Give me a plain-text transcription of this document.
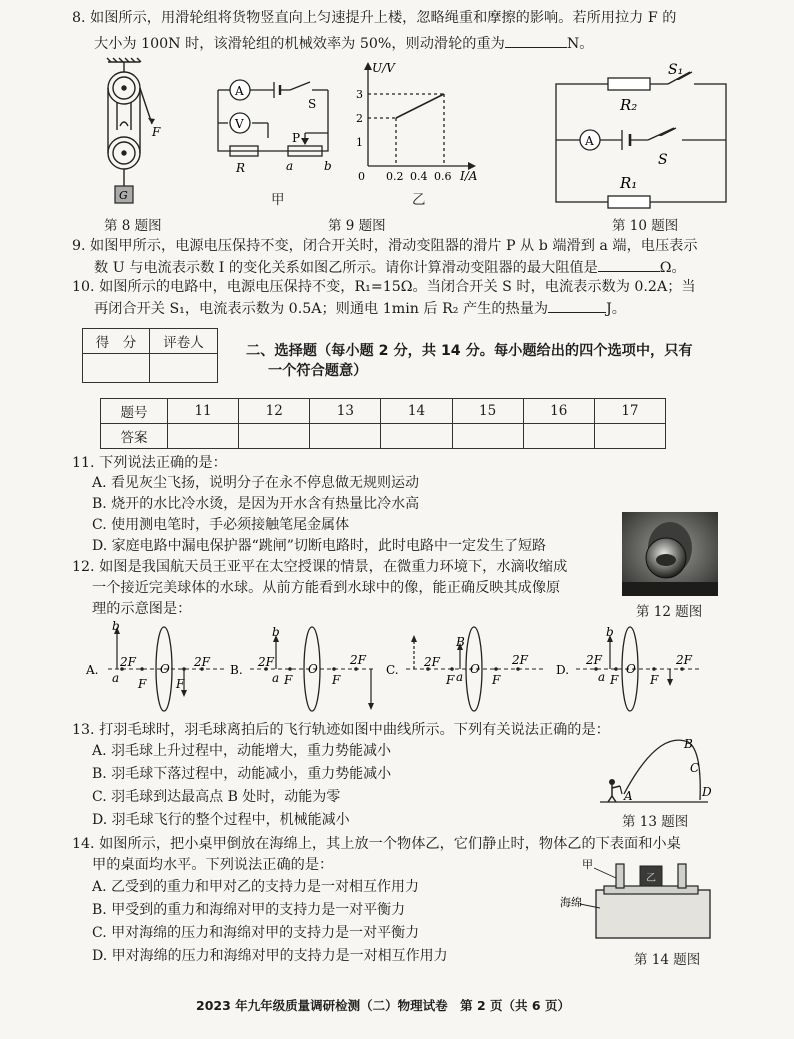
8. 如图所示，用滑轮组将货物竖直向上匀速提升上楼，忽略绳重和摩擦的影响。若所用拉力 F 的
大小为 100N 时，该滑轮组的机械效率为 50%，则动滑轮的重为	N。
F
G
第 8 题图
A
V
S
P
R	a	b
甲
U/V
I/A
0
3
2
1
0.2 0.4 0.6
乙
第 9 题图
A
S₁
R₂
S
R₁
第 10 题图
9. 如图甲所示，电源电压保持不变，闭合开关时，滑动变阻器的滑片 P 从 b 端滑到 a 端，电压表示
数 U 与电流表示数 I 的变化关系如图乙所示。请你计算滑动变阻器的最大阻值是	Ω。
10. 如图所示的电路中，电源电压保持不变，R₁=15Ω。当闭合开关 S 时，电流表示数为 0.2A；当
再闭合开关 S₁，电流表示数为 0.5A；则通电 1min 后 R₂ 产生的热量为	J。
得　分	评卷人
		二、选择题（每小题 2 分，共 14 分。每小题给出的四个选项中，只有
一个符合题意）
题号	11	12	13	14	15	16	17
答案							
11. 下列说法正确的是：
A. 看见灰尘飞扬，说明分子在永不停息做无规则运动
B. 烧开的水比冷水烫，是因为开水含有热量比冷水高
C. 使用测电笔时，手必须接触笔尾金属体
D. 家庭电路中漏电保护器“跳闸”切断电路时，此时电路中一定发生了短路
第 12 题图
12. 如图是我国航天员王亚平在太空授课的情景，在微重力环境下，水滴收缩成
一个接近完美球体的水球。从前方能看到水球中的像，能正确反映其成像原
理的示意图是：
A.
b
2F
a F
O
F
2F
B.
b
2F
a F
O
F
2F
C.
B
2F
a
F
O
F
2F
D.
b
2F
a F
O
F
2F
13. 打羽毛球时，羽毛球离拍后的飞行轨迹如图中曲线所示。下列有关说法正确的是：
A. 羽毛球上升过程中，动能增大，重力势能减小
B. 羽毛球下落过程中，动能减小，重力势能减小
C. 羽毛球到达最高点 B 处时，动能为零
D. 羽毛球飞行的整个过程中，机械能减小
A
B
C
D
第 13 题图
14. 如图所示，把小桌甲倒放在海绵上，其上放一个物体乙，它们静止时，物体乙的下表面和小桌
甲的桌面均水平。下列说法正确的是：
A. 乙受到的重力和甲对乙的支持力是一对相互作用力
B. 甲受到的重力和海绵对甲的支持力是一对平衡力
C. 甲对海绵的压力和海绵对甲的支持力是一对平衡力
D. 甲对海绵的压力和海绵对甲的支持力是一对相互作用力
乙
甲
海绵
第 14 题图
2023 年九年级质量调研检测（二）物理试卷　第 2 页（共 6 页）
